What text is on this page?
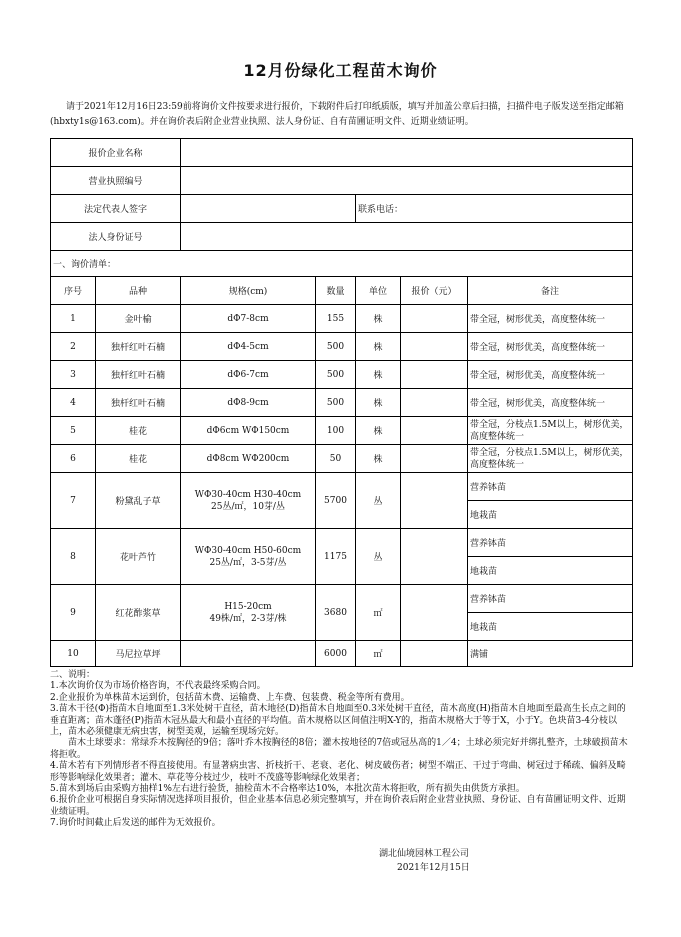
12月份绿化工程苗木询价
请于2021年12月16日23:59前将询价文件按要求进行报价，下载附件后打印纸质版，填写并加盖公章后扫描，扫描件电子版发送至指定邮箱(hbxty1s@163.com)。并在询价表后附企业营业执照、法人身份证、自有苗圃证明文件、近期业绩证明。
报价企业名称						
营业执照编号						
法定代表人签字				联系电话：		
法人身份证号						
一、询价清单：						
序号	品种	规格(cm)	数量	单位	报价（元）	备注
1	金叶榆	dΦ7-8cm	155	株		带全冠，树形优美，高度整体统一
2	独杆红叶石楠	dΦ4-5cm	500	株		带全冠，树形优美，高度整体统一
3	独杆红叶石楠	dΦ6-7cm	500	株		带全冠，树形优美，高度整体统一
4	独杆红叶石楠	dΦ8-9cm	500	株		带全冠，树形优美，高度整体统一
5	桂花	dΦ6cm WΦ150cm	100	株		带全冠，分枝点1.5M以上，树形优美，高度整体统一
6	桂花	dΦ8cm WΦ200cm	50	株		带全冠，分枝点1.5M以上，树形优美，高度整体统一
7	粉黛乱子草	WΦ30-40cm H30-40cm
25丛/㎡，10芽/丛	5700	丛		营养钵苗
						地栽苗
8	花叶芦竹	WΦ30-40cm H50-60cm
25丛/㎡，3-5芽/丛	1175	丛		营养钵苗
						地栽苗
9	红花酢浆草	H15-20cm
49株/㎡，2-3芽/株	3680	㎡		营养钵苗
						地栽苗
10	马尼拉草坪		6000	㎡		满铺
二、说明：
1.本次询价仅为市场价格咨询，不代表最终采购合同。
2.企业报价为单株苗木运到价，包括苗木费、运输费、上车费、包装费、税金等所有费用。
3.苗木干径(Φ)指苗木自地面至1.3米处树干直径，苗木地径(D)指苗木自地面至0.3米处树干直径，苗木高度(H)指苗木自地面至最高生长点之间的垂直距离；苗木蓬径(P)指苗木冠丛最大和最小直径的平均值。苗木规格以区间值注明X-Y的，指苗木规格大于等于X，小于Y。色块苗3-4分枝以上，苗木必须健康无病虫害，树型美观，运输至现场完好。
苗木土球要求：常绿乔木按胸径的9倍；落叶乔木按胸径的8倍；灌木按地径的7倍或冠丛高的1／4；土球必须完好并绑扎整齐，土球破损苗木将拒收。
4.苗木若有下列情形者不得直接使用。有显著病虫害、折枝折干、老衰、老化、树皮破伤者；树型不端正、干过于弯曲、树冠过于稀疏、偏斜及畸形等影响绿化效果者；灌木、草花等分枝过少，枝叶不茂盛等影响绿化效果者；
5.苗木到场后由采购方抽样1%左右进行验货，抽检苗木不合格率达10%，本批次苗木将拒收，所有损失由供货方承担。
6.报价企业可根据自身实际情况选择项目报价，但企业基本信息必须完整填写，并在询价表后附企业营业执照、身份证、自有苗圃证明文件、近期业绩证明。
7.询价时间截止后发送的邮件为无效报价。
湖北仙境园林工程公司
2021年12月15日
